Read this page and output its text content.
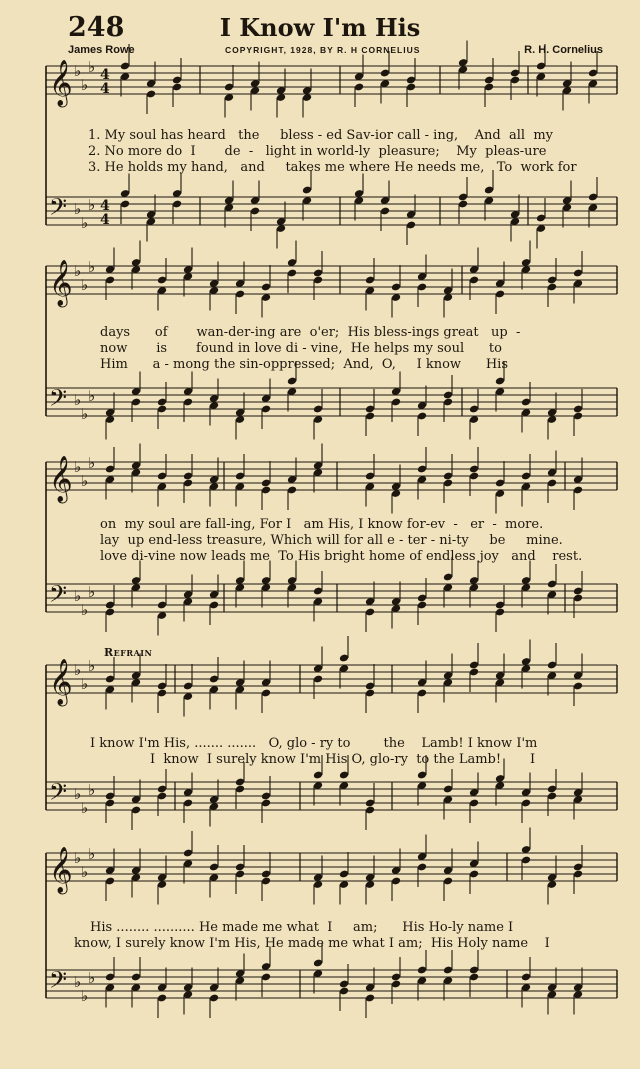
248	I Know I'm His
James Rowe	COPYRIGHT, 1928, BY R. H CORNELIUS	R. H. Cornelius
𝄞 ♭
♭
♭ 4
4
𝄢 ♭
♭
♭ 4
4
𝄞 ♭
♭
♭
𝄢 ♭
♭
♭
𝄞 ♭
♭
♭
𝄢 ♭
♭
♭
𝄞 ♭
♭
♭
𝄢 ♭
♭
♭
𝄞 ♭
♭
♭
𝄢 ♭
♭
♭
1. My soul has heard   the     bless - ed Sav-ior call - ing,    And  all  my
2. No more do  I       de  -   light in world-ly  pleasure;    My  pleas-ure
3. He holds my hand,   and     takes me where He needs me,   To  work for
days      of       wan-der-ing are  o'er;  His bless-ings great   up  -
now       is       found in love di - vine,  He helps my soul      to
Him      a - mong the sin-oppressed;  And,  O,     I know      His
on  my soul are fall-ing, For I   am His, I know for-ev  -   er  -  more.
lay  up end-less treasure, Which will for all e - ter - ni-ty     be     mine.
love di-vine now leads me  To His bright home of endless joy   and    rest.
Refrain
I know I'm His, ....... .......   O, glo - ry to        the    Lamb! I know I'm
I  know  I surely know I'm His O, glo-ry  to the Lamb!       I
His ........ .......... He made me what  I     am;      His Ho-ly name I
know, I surely know I'm His, He made me what I am;  His Holy name    I
